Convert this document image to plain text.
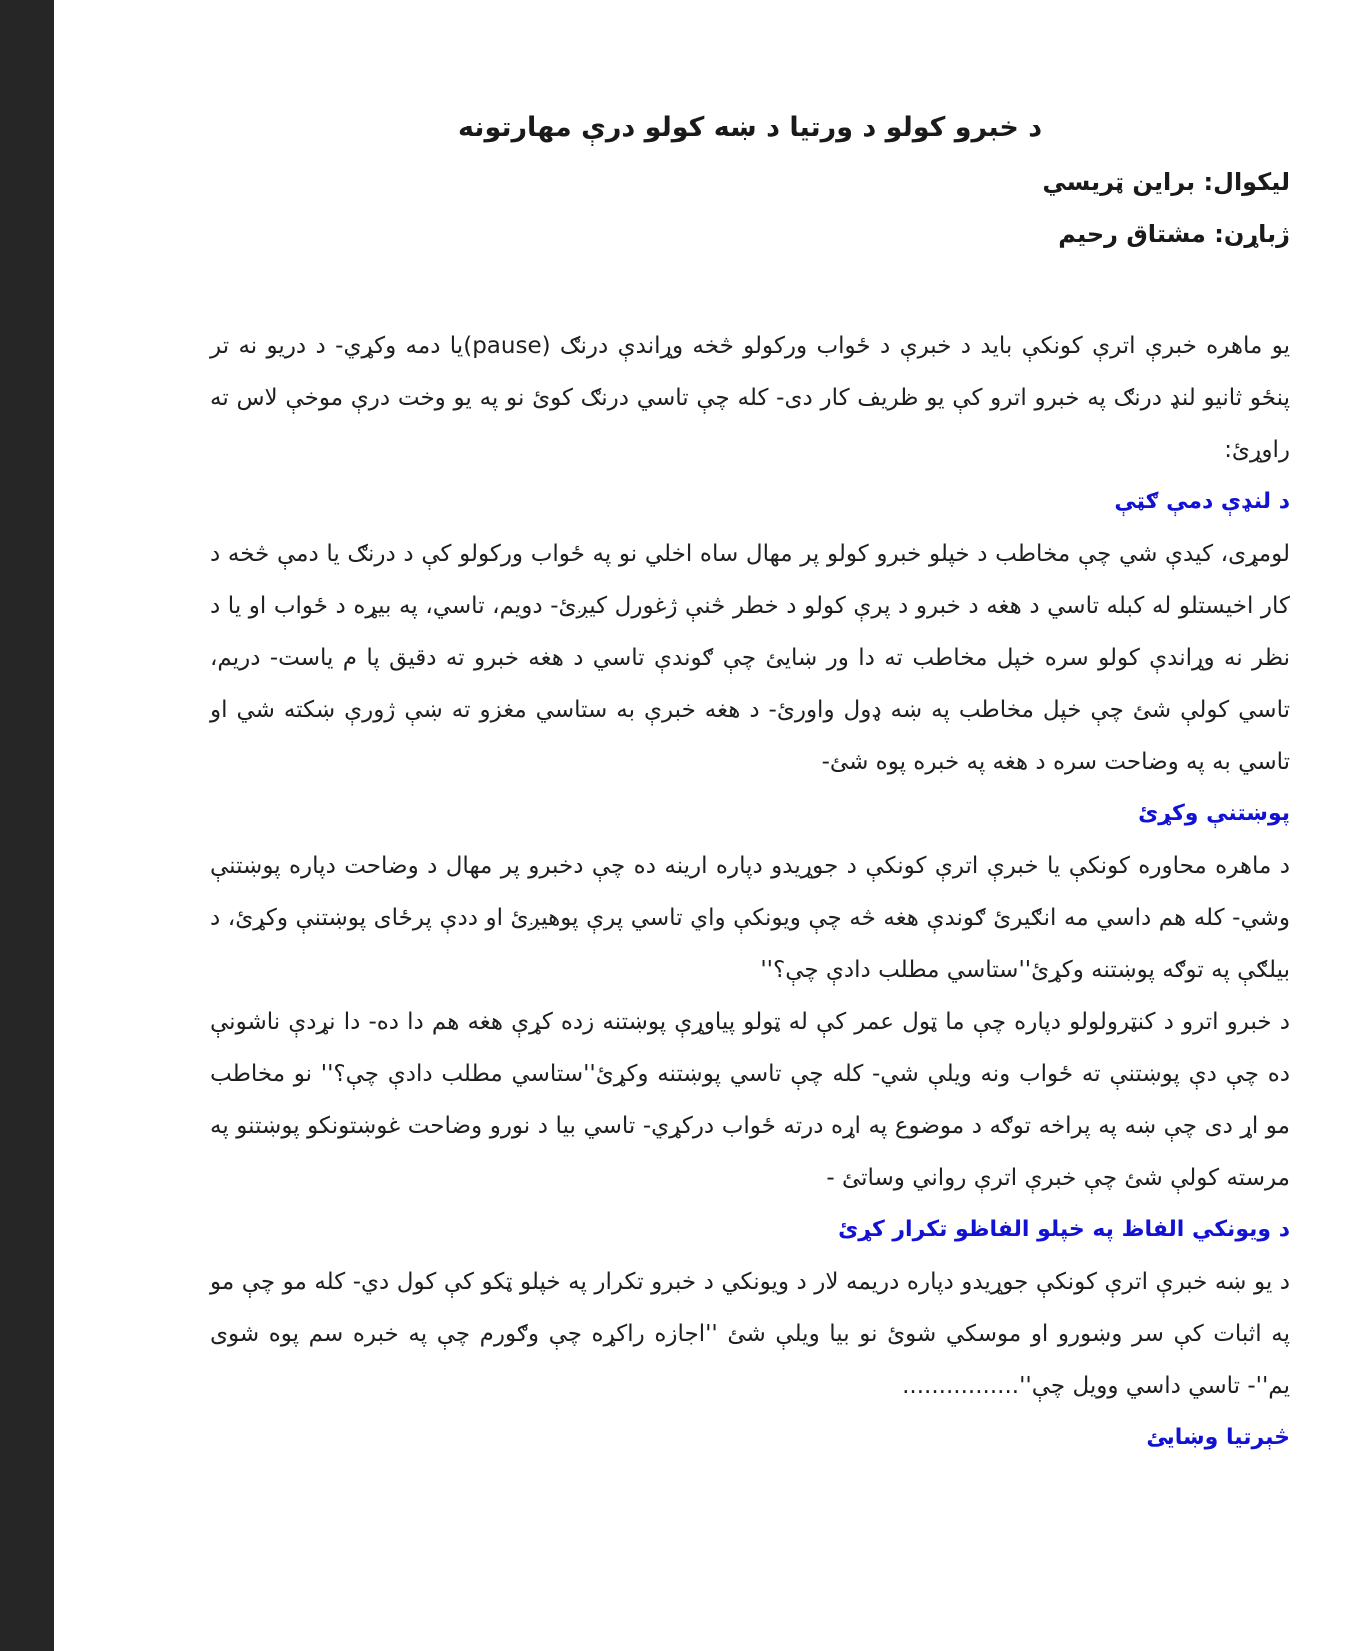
د خبرو کولو د ورتيا د ښه کولو درې مهارتونه

ليکوال: براين ټريسي

ژباړن: مشتاق رحيم

يو ماهره خبرې اترې کونکې بايد د خبرې د ځواب ورکولو څخه وړاندې درنګ (pause)يا دمه وکړي- د دريو نه تر پنځو ثانيو لنډ درنګ په خبرو اترو کې يو ظريف کار دی- کله چې تاسي درنګ کوئ نو په يو وخت درې موخې لاس ته راوړئ:

د لنډې دمې ګټې

لومړی، کيدې شي چې مخاطب د خپلو خبرو کولو پر مهال ساه اخلي نو په ځواب ورکولو کې د درنګ يا دمې څخه د کار اخيستلو له کبله تاسي د هغه د خبرو د پرې کولو د خطر څنې ژغورل کيږئ- دويم، تاسي، په بيړه د ځواب او يا د نظر نه وړاندې کولو سره خپل مخاطب ته دا ور ښايئ چې ګوندې تاسي د هغه خبرو ته دقيق پا م ياست- دريم، تاسي کولې شئ چې خپل مخاطب په ښه ډول واورئ- د هغه خبرې به ستاسي مغزو ته ښې ژورې ښکته شي او تاسي به په وضاحت سره د هغه په خبره پوه شئ-

پوښتنې وکړئ

د ماهره محاوره کونکې يا خبرې اترې کونکې د جوړيدو دپاره ارينه ده چې دخبرو پر مهال د وضاحت دپاره پوښتنې وشي- کله هم داسي مه انګيرئ ګوندې هغه څه چې ويونکې واي تاسي پرې پوهيږئ او ددې پرځای پوښتنې وکړئ، د بيلګې په توګه پوښتنه وکړئ''ستاسي مطلب دادې چې؟''

د خبرو اترو د کنټرولولو دپاره چې ما ټول عمر کې له ټولو پياوړې پوښتنه زده کړې هغه هم دا ده- دا نړدې ناشونې ده چې دې پوښتنې ته ځواب ونه ويلې شي- کله چې تاسي پوښتنه وکړئ''ستاسي مطلب دادې چې؟'' نو مخاطب مو اړ دی چې ښه په پراخه توګه د موضوع په اړه درته ځواب درکړي- تاسي بيا د نورو وضاحت غوښتونکو پوښتنو په مرسته کولې شئ چې خبرې اترې رواني وساتئ -

د ويونکي الفاظ په خپلو الفاظو تکرار کړئ

د يو ښه خبرې اترې کونکې جوړيدو دپاره دريمه لار د ويونکي د خبرو تکرار په خپلو ټکو کې کول دي- کله مو چې مو په اثبات کې سر وښورو او موسکي شوئ نو بيا ويلې شئ ''اجازه راکړه چې وګورم چې په خبره سم پوه شوی يم''- تاسي داسي وويل چې''................

څېرتيا وښايئ
